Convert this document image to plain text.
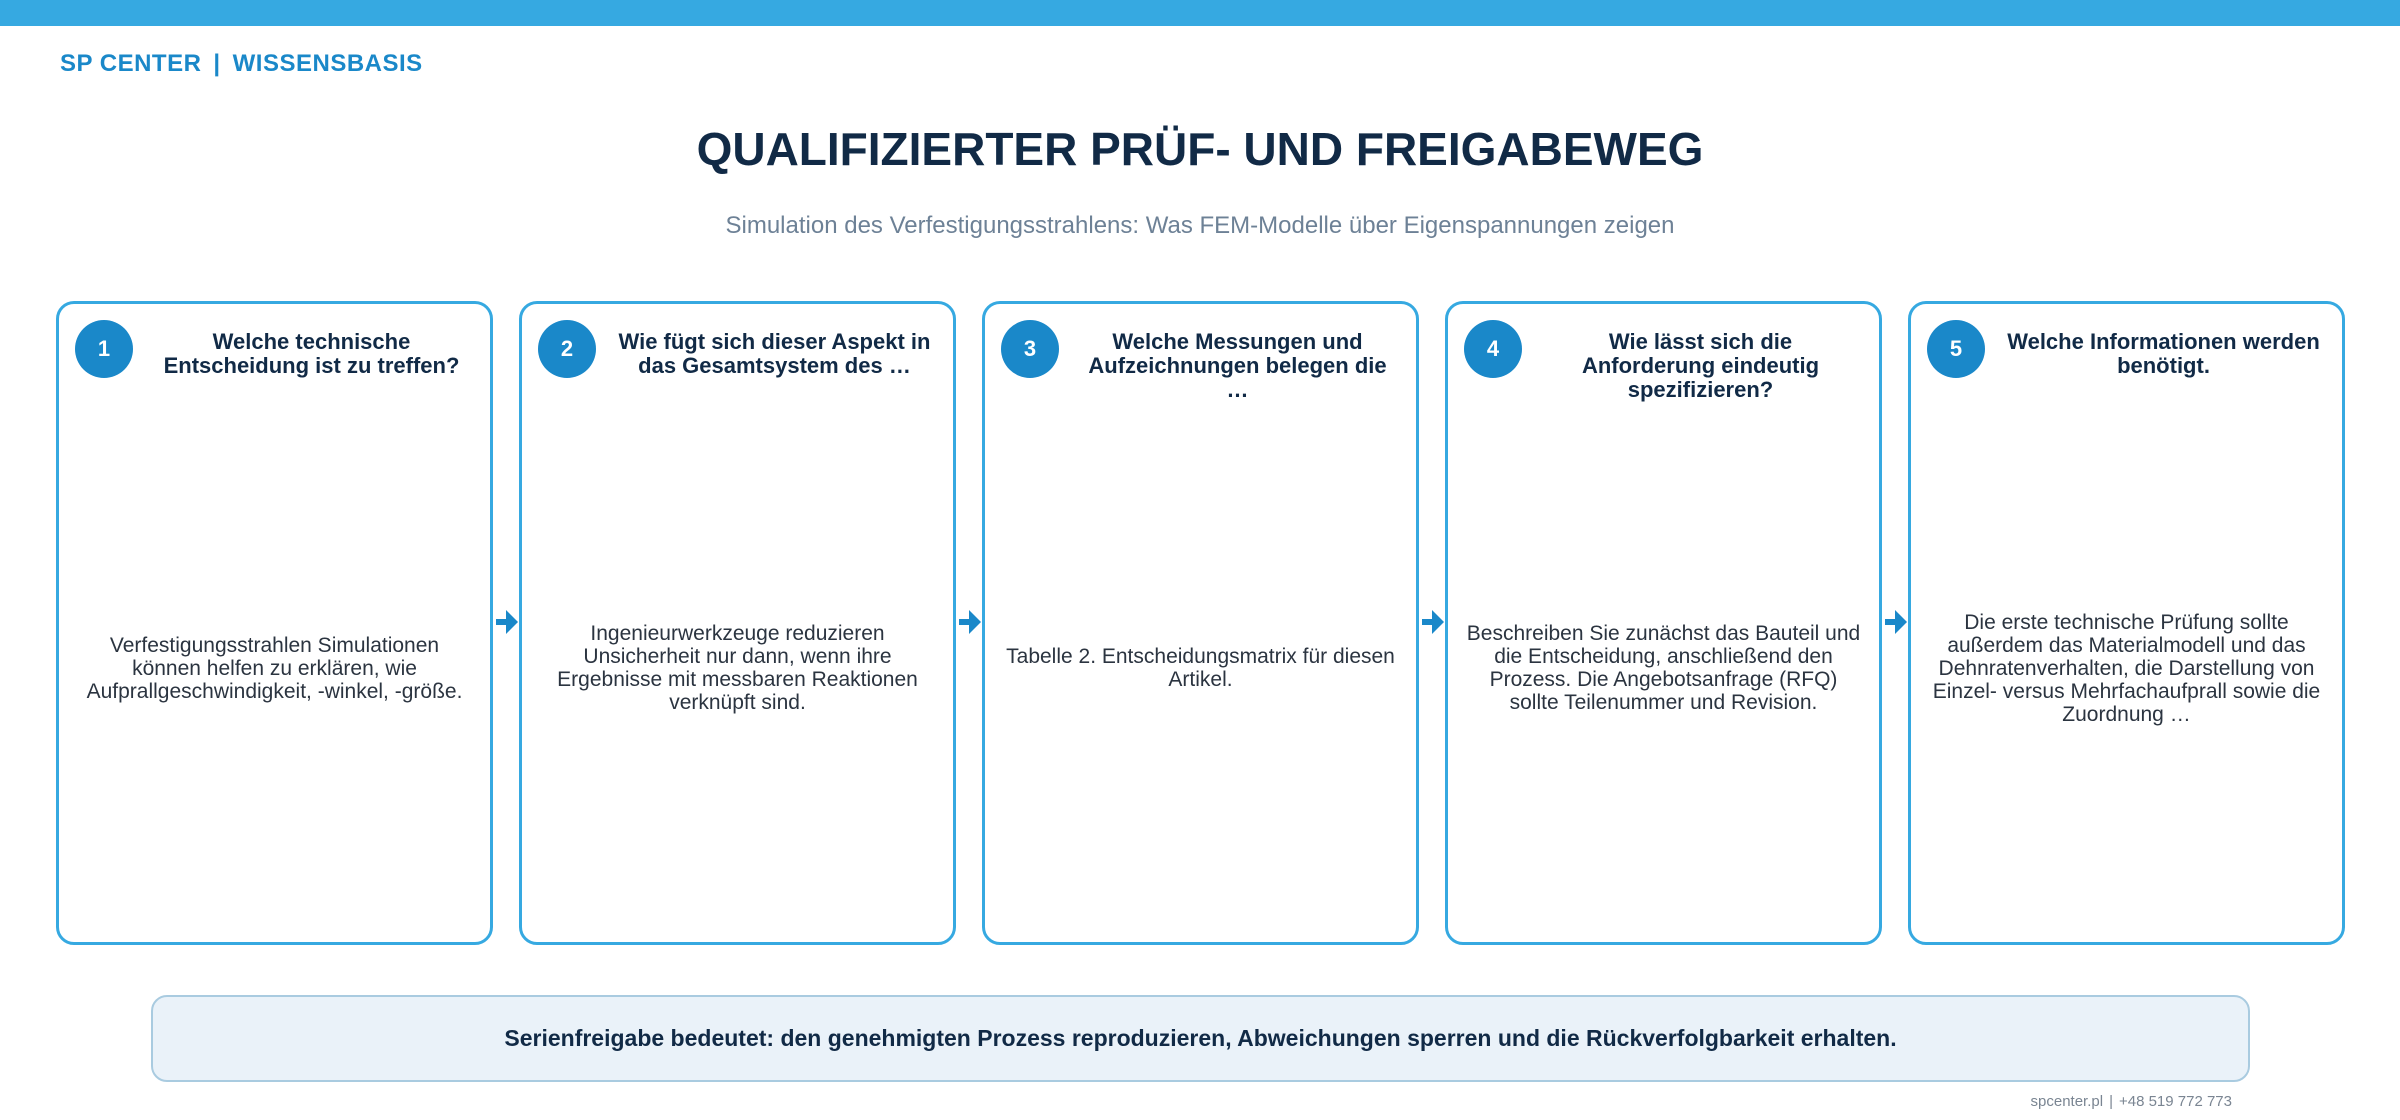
SP CENTER | WISSENSBASIS
QUALIFIZIERTER PRÜF- UND FREIGABEWEG
Simulation des Verfestigungsstrahlens: Was FEM-Modelle über Eigenspannungen zeigen
1	Welche technische Entscheidung ist zu treffen?
Verfestigungsstrahlen Simulationen können helfen zu erklären, wie Aufprallgeschwindigkeit, -winkel, -größe.
2	Wie fügt sich dieser Aspekt in das Gesamtsystem des …
Ingenieurwerkzeuge reduzieren Unsicherheit nur dann, wenn ihre Ergebnisse mit messbaren Reaktionen verknüpft sind.
3	Welche Messungen und Aufzeichnungen belegen die …
Tabelle 2. Entscheidungsmatrix für diesen Artikel.
4	Wie lässt sich die Anforderung eindeutig spezifizieren?
Beschreiben Sie zunächst das Bauteil und die Entscheidung, anschließend den Prozess. Die Angebotsanfrage (RFQ) sollte Teilenummer und Revision.
5	Welche Informationen werden benötigt.
Die erste technische Prüfung sollte außerdem das Materialmodell und das Dehnratenverhalten, die Darstellung von Einzel- versus Mehrfachaufprall sowie die Zuordnung …
Serienfreigabe bedeutet: den genehmigten Prozess reproduzieren, Abweichungen sperren und die Rückverfolgbarkeit erhalten.
spcenter.pl | +48 519 772 773
